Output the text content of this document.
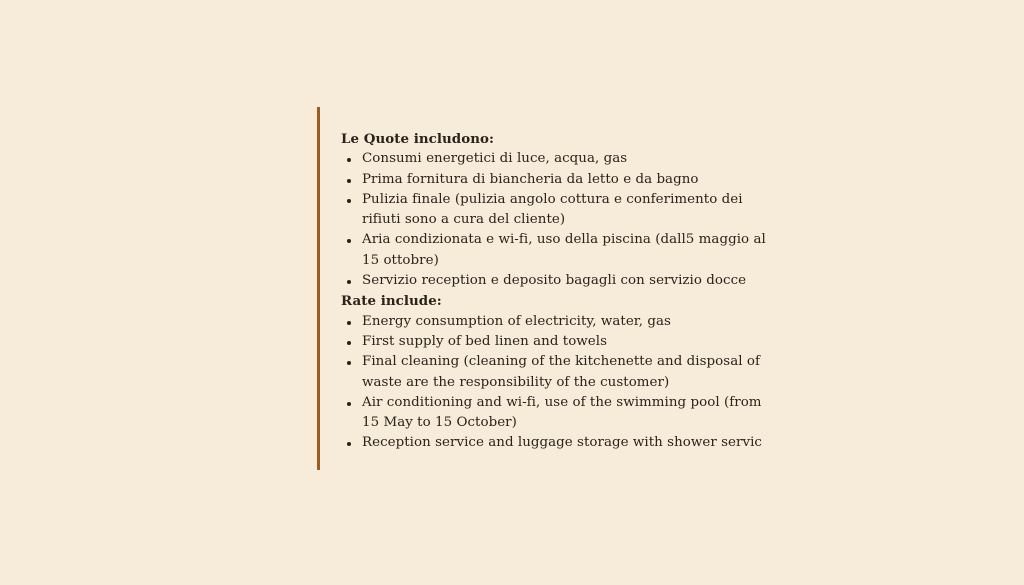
Le Quote includono:

Consumi energetici di luce, acqua, gas
Prima fornitura di biancheria da letto e da bagno
Pulizia finale (pulizia angolo cottura e conferimento dei rifiuti sono a cura del cliente)
Aria condizionata e wi-fi, uso della piscina (dall5 maggio al 15 ottobre)
Servizio reception e deposito bagagli con servizio docce

Rate include:

Energy consumption of electricity, water, gas
First supply of bed linen and towels
Final cleaning (cleaning of the kitchenette and disposal of waste are the responsibility of the customer)
Air conditioning and wi-fi, use of the swimming pool (from 15 May to 15 October)
Reception service and luggage storage with shower servic
